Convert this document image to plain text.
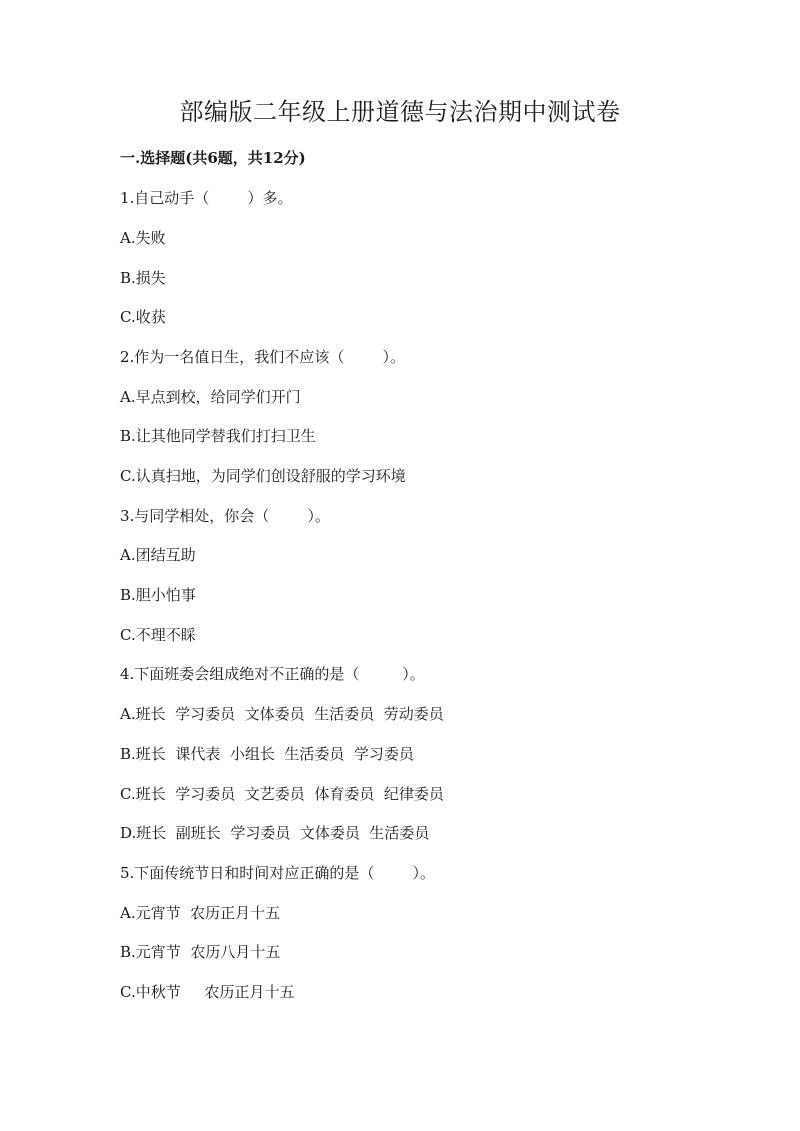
部编版二年级上册道德与法治期中测试卷
一.选择题(共6题，共12分)
1.自己动手（        ）多。
A.失败
B.损失
C.收获
2.作为一名值日生，我们不应该（        ）。
A.早点到校，给同学们开门
B.让其他同学替我们打扫卫生
C.认真扫地，为同学们创设舒服的学习环境
3.与同学相处，你会（        ）。
A.团结互助
B.胆小怕事
C.不理不睬
4.下面班委会组成绝对不正确的是（         ）。
A.班长  学习委员  文体委员  生活委员  劳动委员
B.班长  课代表  小组长  生活委员  学习委员
C.班长  学习委员  文艺委员  体育委员  纪律委员
D.班长  副班长  学习委员  文体委员  生活委员
5.下面传统节日和时间对应正确的是（        ）。
A.元宵节  农历正月十五
B.元宵节  农历八月十五
C.中秋节     农历正月十五
